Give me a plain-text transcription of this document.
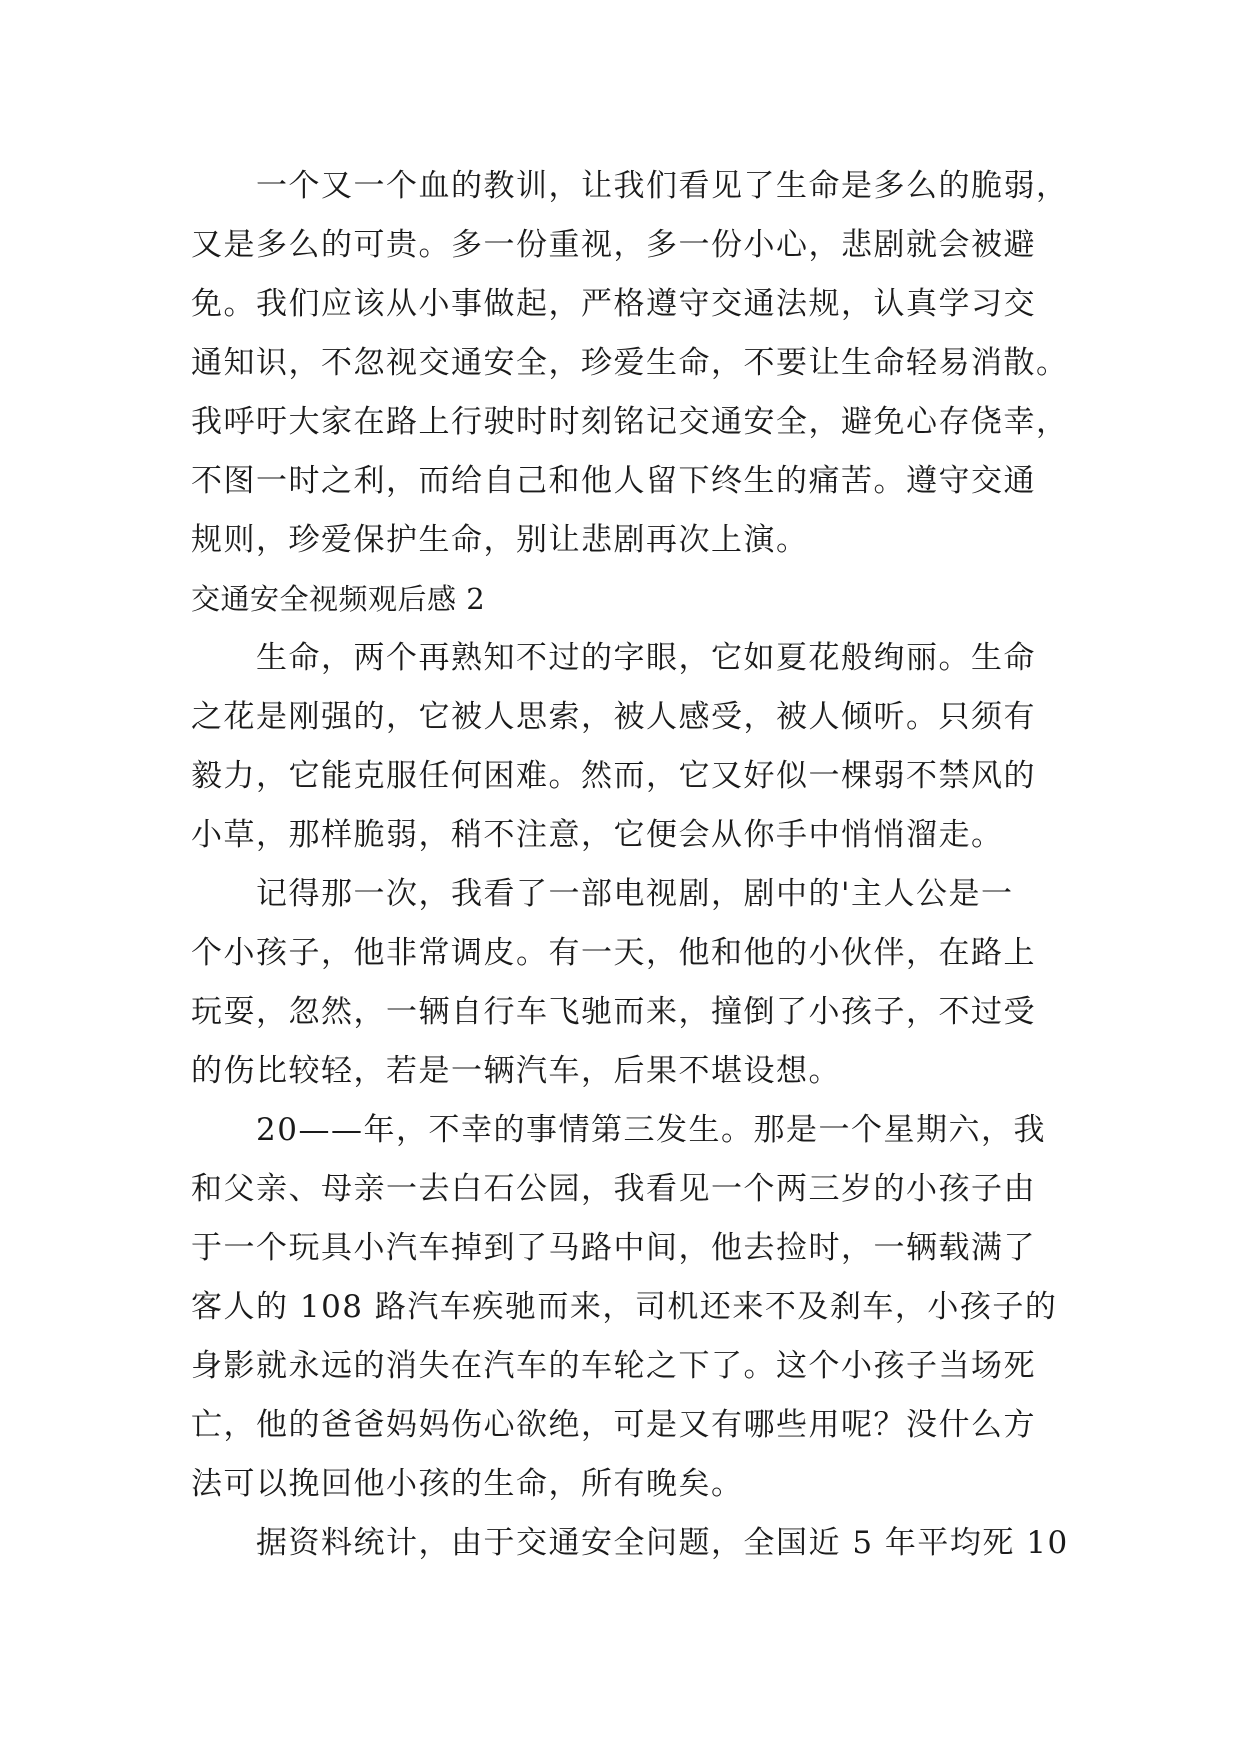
　　一个又一个血的教训，让我们看见了生命是多么的脆弱，
又是多么的可贵。多一份重视，多一份小心，悲剧就会被避
免。我们应该从小事做起，严格遵守交通法规，认真学习交
通知识，不忽视交通安全，珍爱生命，不要让生命轻易消散。
我呼吁大家在路上行驶时时刻铭记交通安全，避免心存侥幸，
不图一时之利，而给自己和他人留下终生的痛苦。遵守交通
规则，珍爱保护生命，别让悲剧再次上演。
交通安全视频观后感 2
　　生命，两个再熟知不过的字眼，它如夏花般绚丽。生命
之花是刚强的，它被人思索，被人感受，被人倾听。只须有
毅力，它能克服任何困难。然而，它又好似一棵弱不禁风的
小草，那样脆弱，稍不注意，它便会从你手中悄悄溜走。
　　记得那一次，我看了一部电视剧，剧中的'主人公是一
个小孩子，他非常调皮。有一天，他和他的小伙伴，在路上
玩耍，忽然，一辆自行车飞驰而来，撞倒了小孩子，不过受
的伤比较轻，若是一辆汽车，后果不堪设想。
　　20——年，不幸的事情第三发生。那是一个星期六，我
和父亲、母亲一去白石公园，我看见一个两三岁的小孩子由
于一个玩具小汽车掉到了马路中间，他去捡时，一辆载满了
客人的 108 路汽车疾驰而来，司机还来不及刹车，小孩子的
身影就永远的消失在汽车的车轮之下了。这个小孩子当场死
亡，他的爸爸妈妈伤心欲绝，可是又有哪些用呢？没什么方
法可以挽回他小孩的生命，所有晚矣。
　　据资料统计，由于交通安全问题，全国近 5 年平均死 10
